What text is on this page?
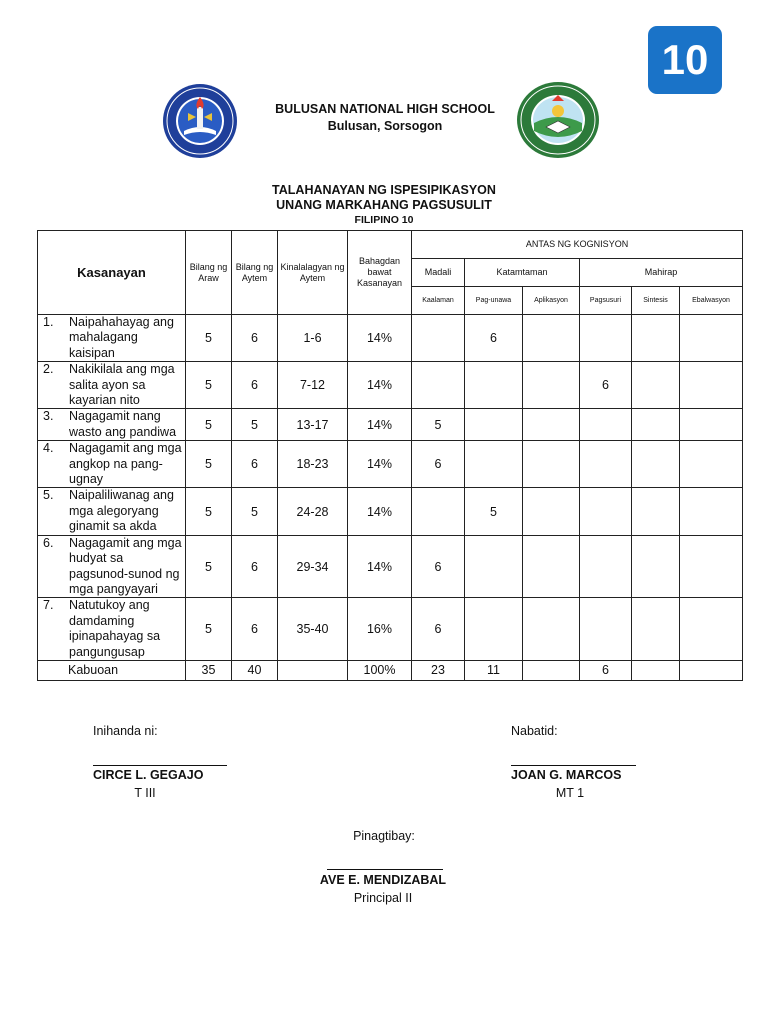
10
BULUSAN NATIONAL HIGH SCHOOL
Bulusan, Sorsogon
TALAHANAYAN NG ISPESIPIKASYON
UNANG MARKAHANG PAGSUSULIT
FILIPINO 10
Kasanayan	Bilang ng Araw	Bilang ng Aytem	Kinalalagyan ng Aytem	Bahagdan bawat Kasanayan	ANTAS NG KOGNISYON					
					Madali	Katamtaman		Mahirap		
					Kaalaman	Pag-unawa	Aplikasyon	Pagsusuri	Sintesis	Ebalwasyon

1. Naipahahayag ang mahalagang kaisipan	5	6	1-6	14%		6				

2. Nakikilala ang mga salita ayon sa kayarian nito	5	6	7-12	14%				6		

3. Nagagamit nang wasto ang pandiwa	5	5	13-17	14%	5					

4. Nagagamit ang mga angkop na pang-ugnay	5	6	18-23	14%	6					

5. Naipaliliwanag ang mga alegoryang ginamit sa akda	5	5	24-28	14%		5				

6. Nagagamit ang mga hudyat sa pagsunod-sunod ng mga pangyayari	5	6	29-34	14%	6					

7. Natutukoy ang damdaming ipinapahayag sa pangungusap	5	6	35-40	16%	6					
Kabuoan	35	40		100%	23	11		6		
Inihanda ni:
CIRCE L. GEGAJO
T III
Nabatid:
JOAN G. MARCOS
MT 1
Pinagtibay:
AVE E. MENDIZABAL
Principal II
